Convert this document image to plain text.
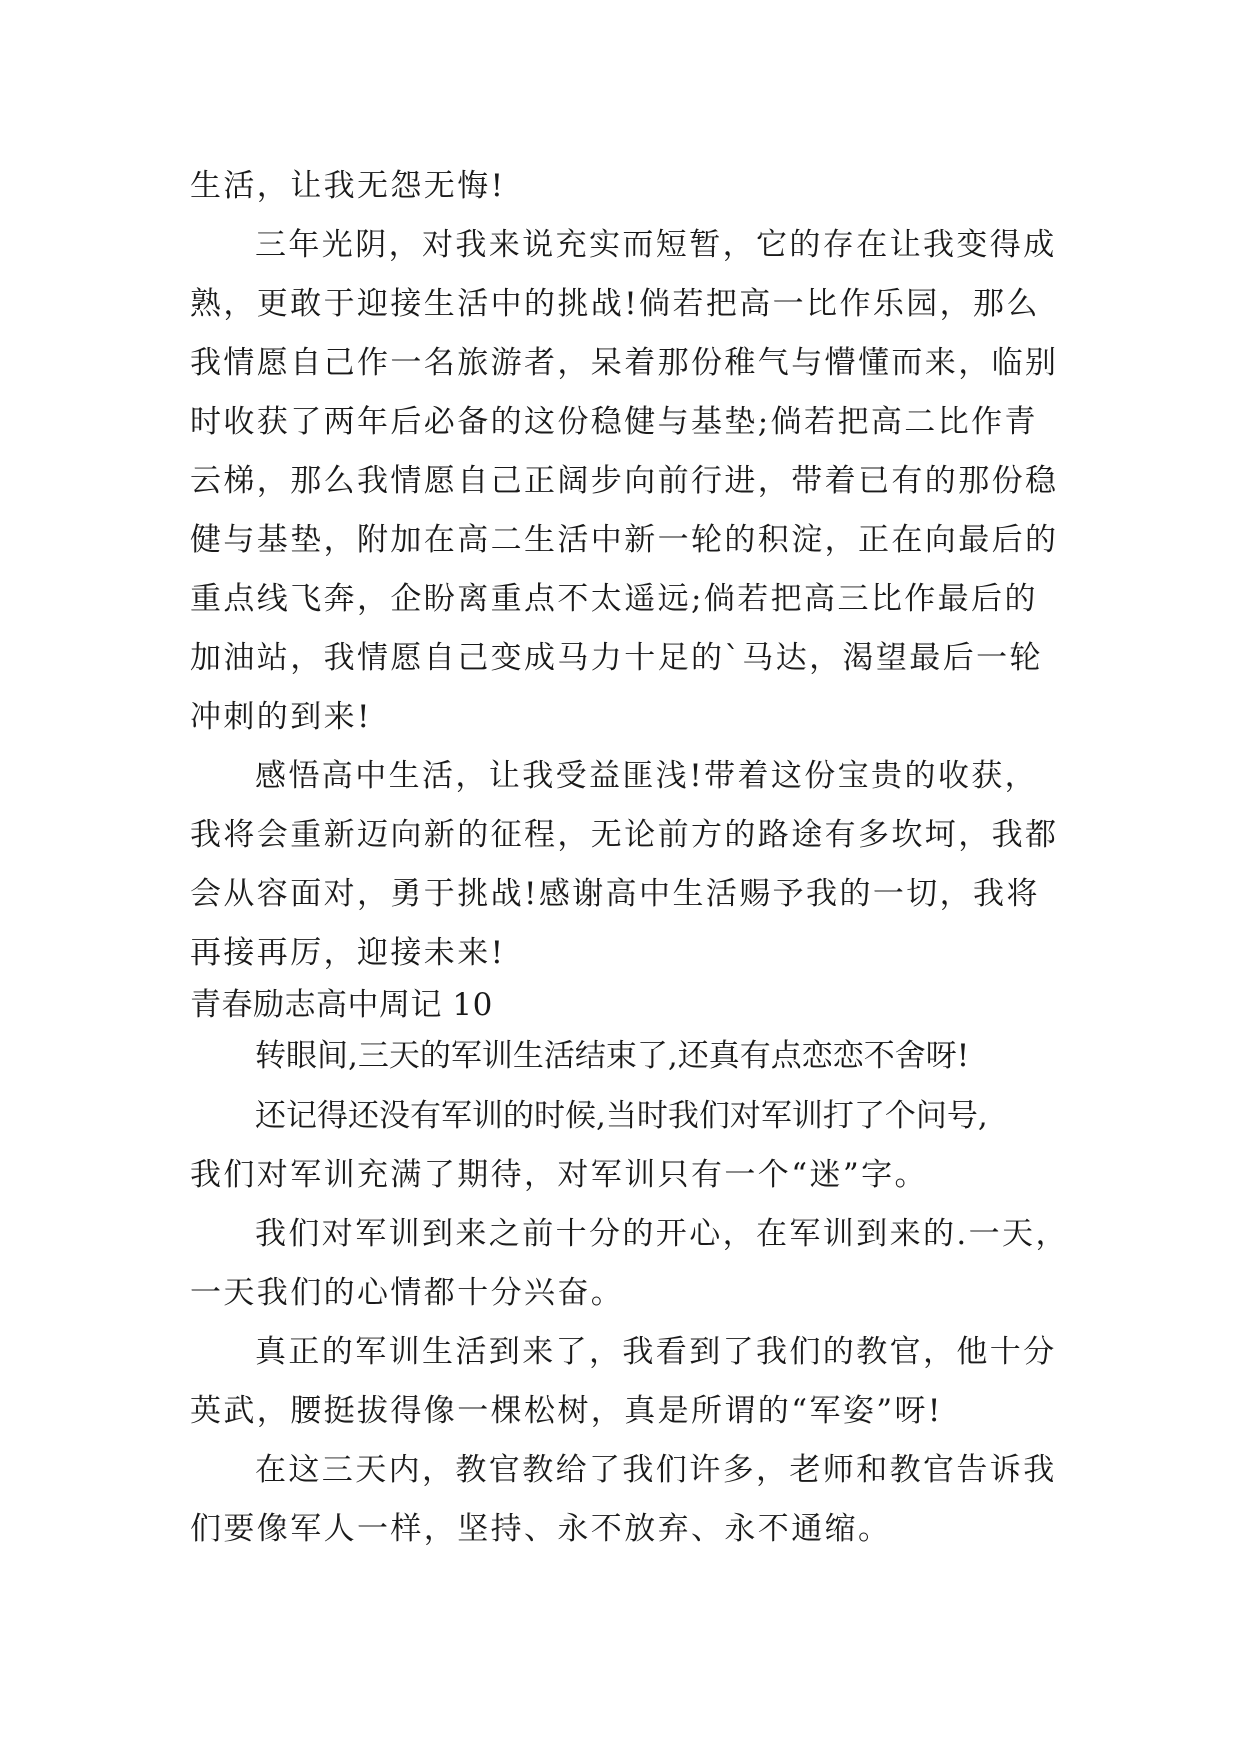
生活，让我无怨无悔!
三年光阴，对我来说充实而短暂，它的存在让我变得成
熟，更敢于迎接生活中的挑战!倘若把高一比作乐园，那么
我情愿自己作一名旅游者，呆着那份稚气与懵懂而来，临别
时收获了两年后必备的这份稳健与基垫;倘若把高二比作青
云梯，那么我情愿自己正阔步向前行进，带着已有的那份稳
健与基垫，附加在高二生活中新一轮的积淀，正在向最后的
重点线飞奔，企盼离重点不太遥远;倘若把高三比作最后的
加油站，我情愿自己变成马力十足的`马达，渴望最后一轮
冲刺的到来!
感悟高中生活，让我受益匪浅!带着这份宝贵的收获，
我将会重新迈向新的征程，无论前方的路途有多坎坷，我都
会从容面对，勇于挑战!感谢高中生活赐予我的一切，我将
再接再厉，迎接未来!
青春励志高中周记 10
转眼间,三天的军训生活结束了,还真有点恋恋不舍呀!
还记得还没有军训的时候,当时我们对军训打了个问号,
我们对军训充满了期待，对军训只有一个“迷”字。
我们对军训到来之前十分的开心，在军训到来的.一天，
一天我们的心情都十分兴奋。
真正的军训生活到来了，我看到了我们的教官，他十分
英武，腰挺拔得像一棵松树，真是所谓的“军姿”呀!
在这三天内，教官教给了我们许多，老师和教官告诉我
们要像军人一样，坚持、永不放弃、永不通缩。
